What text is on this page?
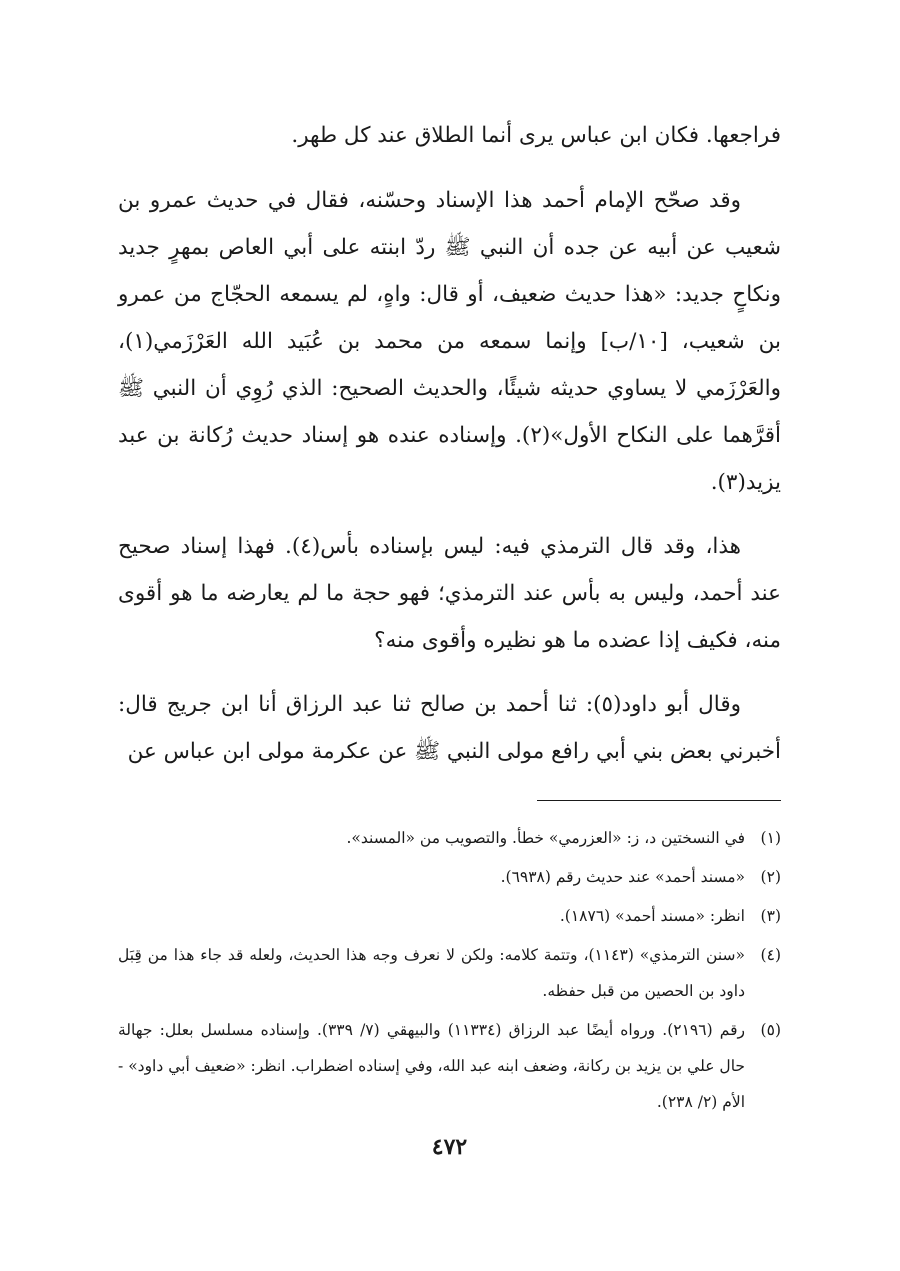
فراجعها. فكان ابن عباس يرى أنما الطلاق عند كل طهر.

وقد صحّح الإمام أحمد هذا الإسناد وحسّنه، فقال في حديث عمرو بن شعيب عن أبيه عن جده أن النبي ﷺ ردّ ابنته على أبي العاص بمهرٍ جديد ونكاحٍ جديد: «هذا حديث ضعيف، أو قال: واهٍ، لم يسمعه الحجّاج من عمرو بن شعيب، [١٠/ب] وإنما سمعه من محمد بن عُبَيد الله العَرْزَمي(١)، والعَرْزَمي لا يساوي حديثه شيئًا، والحديث الصحيح: الذي رُوِي أن النبي ﷺ أقرَّهما على النكاح الأول»(٢). وإسناده عنده هو إسناد حديث رُكانة بن عبد يزيد(٣).

هذا، وقد قال الترمذي فيه: ليس بإسناده بأس(٤). فهذا إسناد صحيح عند أحمد، وليس به بأس عند الترمذي؛ فهو حجة ما لم يعارضه ما هو أقوى منه، فكيف إذا عضده ما هو نظيره وأقوى منه؟

وقال أبو داود(٥): ثنا أحمد بن صالح ثنا عبد الرزاق أنا ابن جريج قال: أخبرني بعض بني أبي رافع مولى النبي ﷺ عن عكرمة مولى ابن عباس عن

(١)
في النسختين د، ز: «العزرمي» خطأ. والتصويب من «المسند».
(٢)
«مسند أحمد» عند حديث رقم (٦٩٣٨).
(٣)
انظر: «مسند أحمد» (١٨٧٦).
(٤)
«سنن الترمذي» (١١٤٣)، وتتمة كلامه: ولكن لا نعرف وجه هذا الحديث، ولعله قد جاء هذا من قِبَل داود بن الحصين من قبل حفظه.
(٥)
رقم (٢١٩٦). ورواه أيضًا عبد الرزاق (١١٣٣٤) والبيهقي (٧/ ٣٣٩). وإسناده مسلسل بعلل: جهالة حال علي بن يزيد بن ركانة، وضعف ابنه عبد الله، وفي إسناده اضطراب. انظر: «ضعيف أبي داود» - الأم (٢/ ٢٣٨).
٤٧٢
